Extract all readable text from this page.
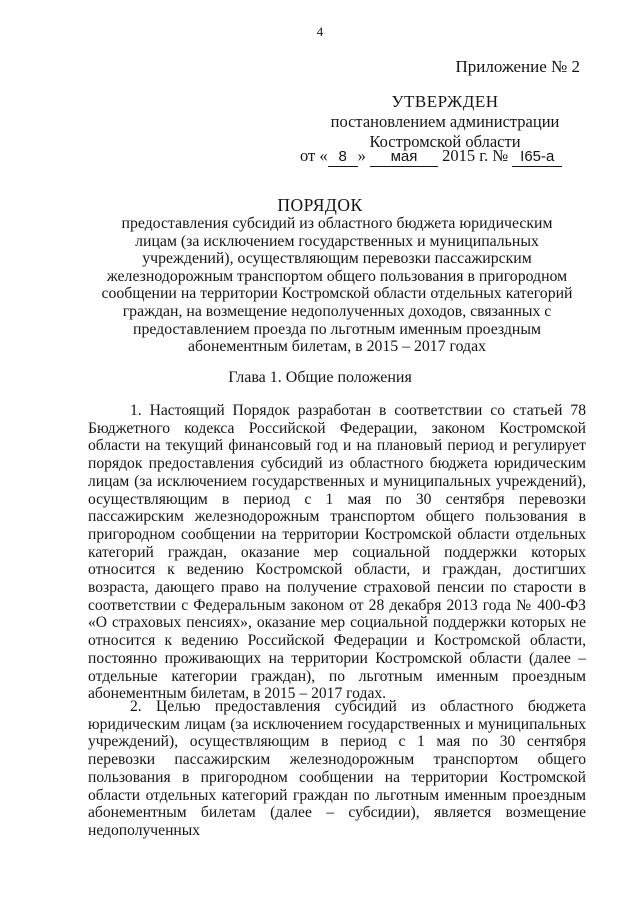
4
Приложение № 2
УТВЕРЖДЕН
постановлением администрации
Костромской области
от « 8 » мая 2015 г. № I65-а
ПОРЯДОК
предоставления субсидий из областного бюджета юридическим лицам (за исключением государственных и муниципальных учреждений), осуществляющим перевозки пассажирским железнодорожным транспортом общего пользования в пригородном сообщении на территории Костромской области отдельных категорий граждан, на возмещение недополученных доходов, связанных с предоставлением проезда по льготным именным проездным абонементным билетам, в 2015 – 2017 годах
Глава 1. Общие положения

1. Настоящий Порядок разработан в соответствии со статьей 78 Бюджетного кодекса Российской Федерации, законом Костромской области на текущий финансовый год и на плановый период и регулирует порядок предоставления субсидий из областного бюджета юридическим лицам (за исключением государственных и муниципальных учреждений), осуществляющим в период с 1 мая по 30 сентября перевозки пассажирским железнодорожным транспортом общего пользования в пригородном сообщении на территории Костромской области отдельных категорий граждан, оказание мер социальной поддержки которых относится к ведению Костромской области, и граждан, достигших возраста, дающего право на получение страховой пенсии по старости в соответствии с Федеральным законом от 28 декабря 2013 года № 400-ФЗ «О страховых пенсиях», оказание мер социальной поддержки которых не относится к ведению Российской Федерации и Костромской области, постоянно проживающих на территории Костромской области (далее – отдельные категории граждан), по льготным именным проездным абонементным билетам, в 2015 – 2017 годах.

2. Целью предоставления субсидий из областного бюджета юридическим лицам (за исключением государственных и муниципальных учреждений), осуществляющим в период с 1 мая по 30 сентября перевозки пассажирским железнодорожным транспортом общего пользования в пригородном сообщении на территории Костромской области отдельных категорий граждан по льготным именным проездным абонементным билетам (далее – субсидии), является возмещение недополученных
